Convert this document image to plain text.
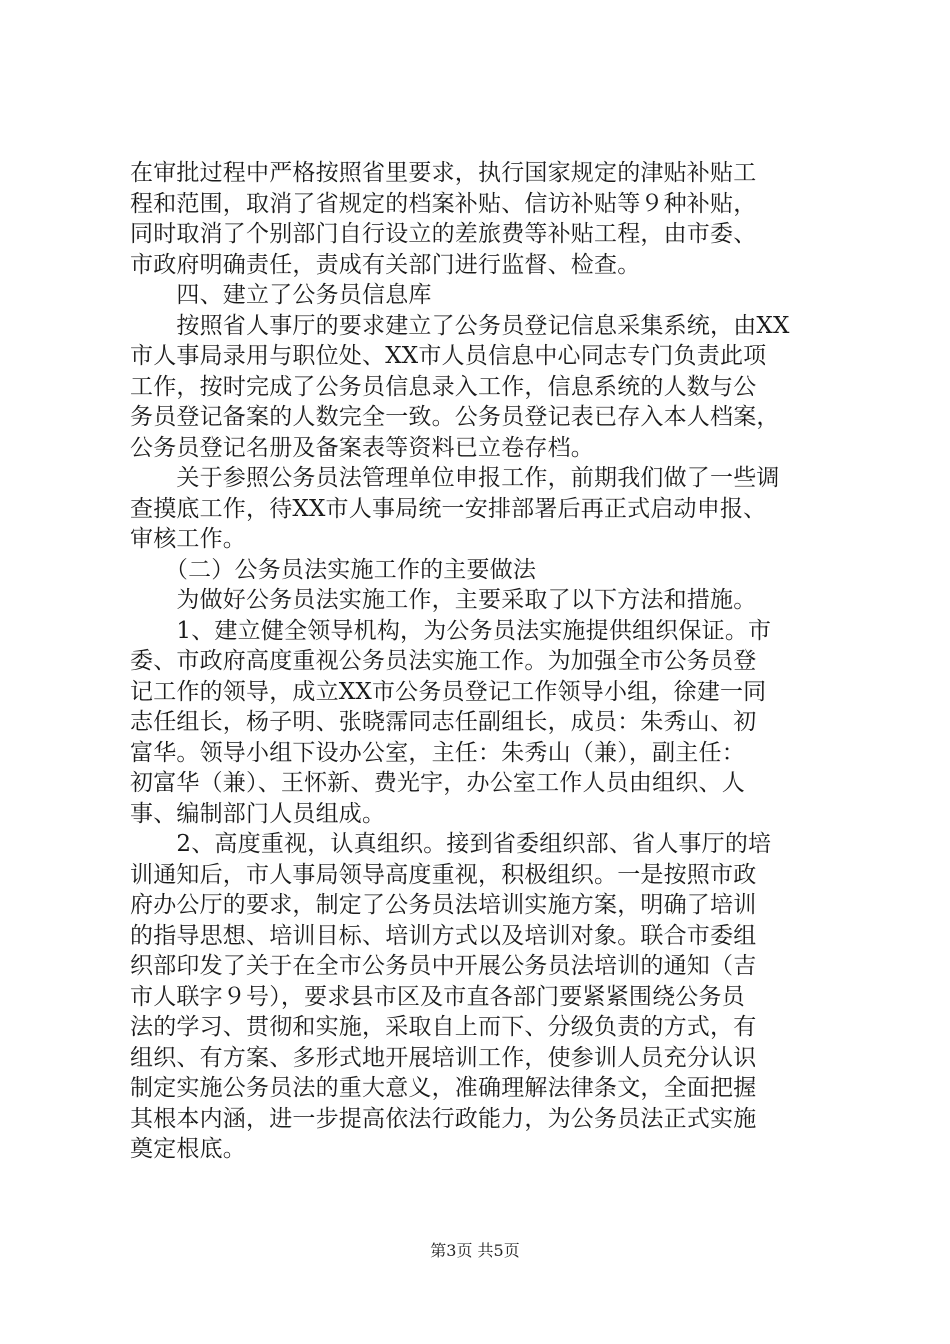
在审批过程中严格按照省里要求，执行国家规定的津贴补贴工
程和范围，取消了省规定的档案补贴、信访补贴等９种补贴，
同时取消了个别部门自行设立的差旅费等补贴工程，由市委、
市政府明确责任，责成有关部门进行监督、检查。
　　四、建立了公务员信息库
　　按照省人事厅的要求建立了公务员登记信息采集系统，由XX
市人事局录用与职位处、XX市人员信息中心同志专门负责此项
工作，按时完成了公务员信息录入工作，信息系统的人数与公
务员登记备案的人数完全一致。公务员登记表已存入本人档案，
公务员登记名册及备案表等资料已立卷存档。
　　关于参照公务员法管理单位申报工作，前期我们做了一些调
查摸底工作，待XX市人事局统一安排部署后再正式启动申报、
审核工作。
　　（二）公务员法实施工作的主要做法
　　为做好公务员法实施工作，主要采取了以下方法和措施。
　　1、建立健全领导机构，为公务员法实施提供组织保证。市
委、市政府高度重视公务员法实施工作。为加强全市公务员登
记工作的领导，成立XX市公务员登记工作领导小组，徐建一同
志任组长，杨子明、张晓霈同志任副组长，成员：朱秀山、初
富华。领导小组下设办公室，主任：朱秀山（兼），副主任：
初富华（兼）、王怀新、费光宇，办公室工作人员由组织、人
事、编制部门人员组成。
　　2、高度重视，认真组织。接到省委组织部、省人事厅的培
训通知后，市人事局领导高度重视，积极组织。一是按照市政
府办公厅的要求，制定了公务员法培训实施方案，明确了培训
的指导思想、培训目标、培训方式以及培训对象。联合市委组
织部印发了关于在全市公务员中开展公务员法培训的通知（吉
市人联字９号），要求县市区及市直各部门要紧紧围绕公务员
法的学习、贯彻和实施，采取自上而下、分级负责的方式，有
组织、有方案、多形式地开展培训工作，使参训人员充分认识
制定实施公务员法的重大意义，准确理解法律条文，全面把握
其根本内涵，进一步提高依法行政能力，为公务员法正式实施
奠定根底。
第3页 共5页
